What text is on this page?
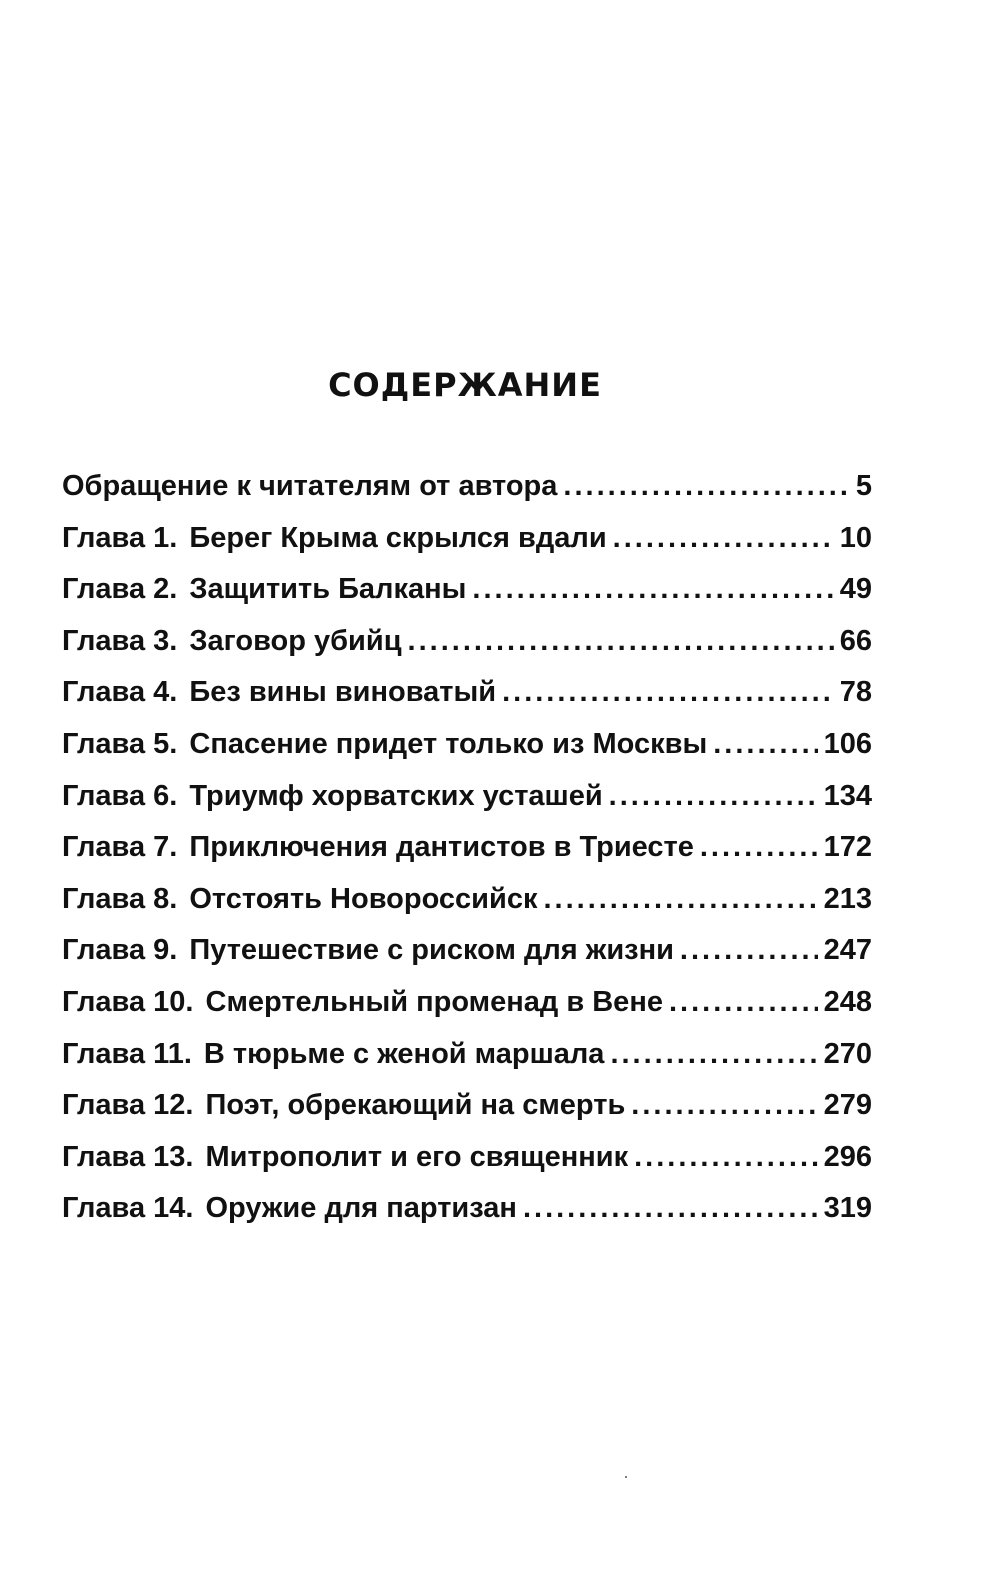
СОДЕРЖАНИЕ
Обращение к читателям от автора .....	5
Глава 1. Берег Крыма скрылся вдали .....	10
Глава 2. Защитить Балканы .....	49
Глава 3. Заговор убийц .....	66
Глава 4. Без вины виноватый .....	78
Глава 5. Спасение придет только из Москвы .....	106
Глава 6. Триумф хорватских усташей .....	134
Глава 7. Приключения дантистов в Триесте .....	172
Глава 8. Отстоять Новороссийск .....	213
Глава 9. Путешествие с риском для жизни .....	247
Глава 10. Смертельный променад в Вене .....	248
Глава 11. В тюрьме с женой маршала .....	270
Глава 12. Поэт, обрекающий на смерть .....	279
Глава 13. Митрополит и его священник .....	296
Глава 14. Оружие для партизан .....	319
